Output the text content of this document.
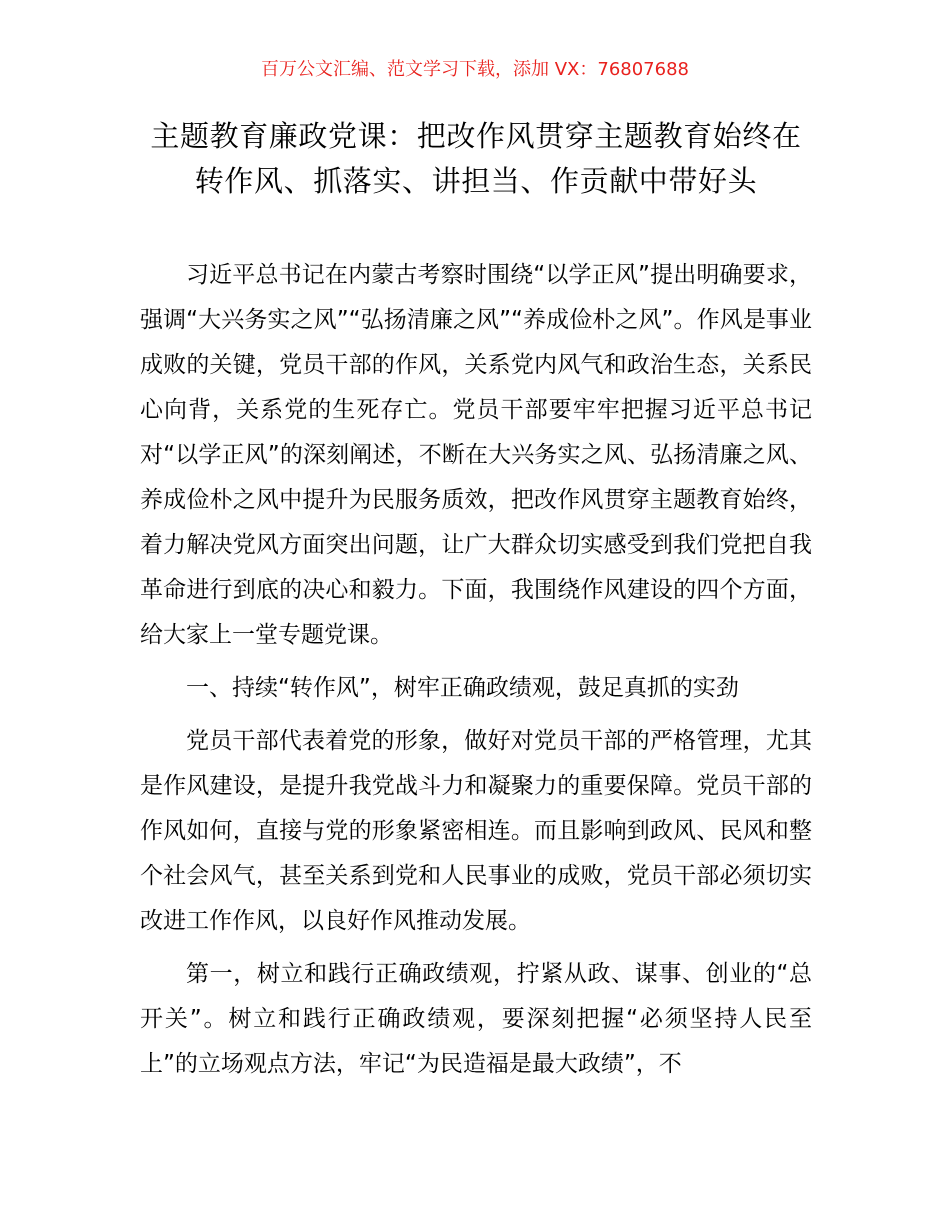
百万公文汇编、范文学习下载，添加 VX：76807688
主题教育廉政党课：把改作风贯穿主题教育始终在转作风、抓落实、讲担当、作贡献中带好头

习近平总书记在内蒙古考察时围绕“以学正风”提出明确要求，强调“大兴务实之风”“弘扬清廉之风”“养成俭朴之风”。作风是事业成败的关键，党员干部的作风，关系党内风气和政治生态，关系民心向背，关系党的生死存亡。党员干部要牢牢把握习近平总书记对“以学正风”的深刻阐述，不断在大兴务实之风、弘扬清廉之风、养成俭朴之风中提升为民服务质效，把改作风贯穿主题教育始终，着力解决党风方面突出问题，让广大群众切实感受到我们党把自我革命进行到底的决心和毅力。下面，我围绕作风建设的四个方面，给大家上一堂专题党课。

一、持续“转作风”，树牢正确政绩观，鼓足真抓的实劲

党员干部代表着党的形象，做好对党员干部的严格管理，尤其是作风建设，是提升我党战斗力和凝聚力的重要保障。党员干部的作风如何，直接与党的形象紧密相连。而且影响到政风、民风和整个社会风气，甚至关系到党和人民事业的成败，党员干部必须切实改进工作作风，以良好作风推动发展。

第一，树立和践行正确政绩观，拧紧从政、谋事、创业的“总开关”。树立和践行正确政绩观，要深刻把握“必须坚持人民至上”的立场观点方法，牢记“为民造福是最大政绩”，不
